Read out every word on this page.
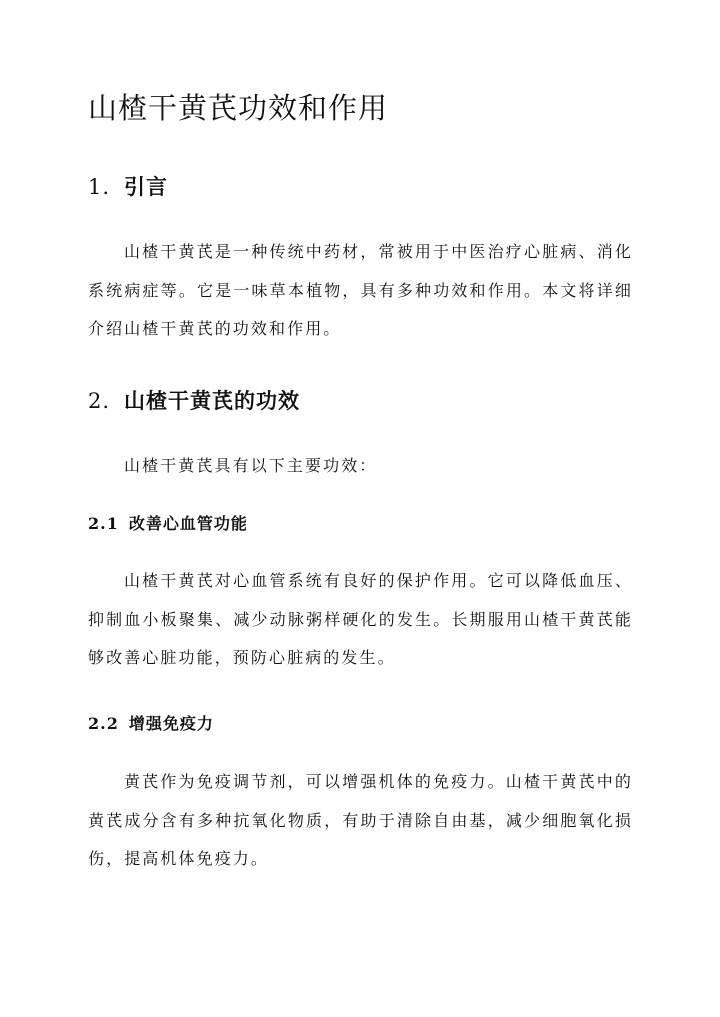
山楂干黄芪功效和作用
1. 引言

山楂干黄芪是一种传统中药材，常被用于中医治疗心脏病、消化系统病症等。它是一味草本植物，具有多种功效和作用。本文将详细介绍山楂干黄芪的功效和作用。

2. 山楂干黄芪的功效

山楂干黄芪具有以下主要功效：

2.1 改善心血管功能

山楂干黄芪对心血管系统有良好的保护作用。它可以降低血压、抑制血小板聚集、减少动脉粥样硬化的发生。长期服用山楂干黄芪能够改善心脏功能，预防心脏病的发生。

2.2 增强免疫力

黄芪作为免疫调节剂，可以增强机体的免疫力。山楂干黄芪中的黄芪成分含有多种抗氧化物质，有助于清除自由基，减少细胞氧化损伤，提高机体免疫力。
